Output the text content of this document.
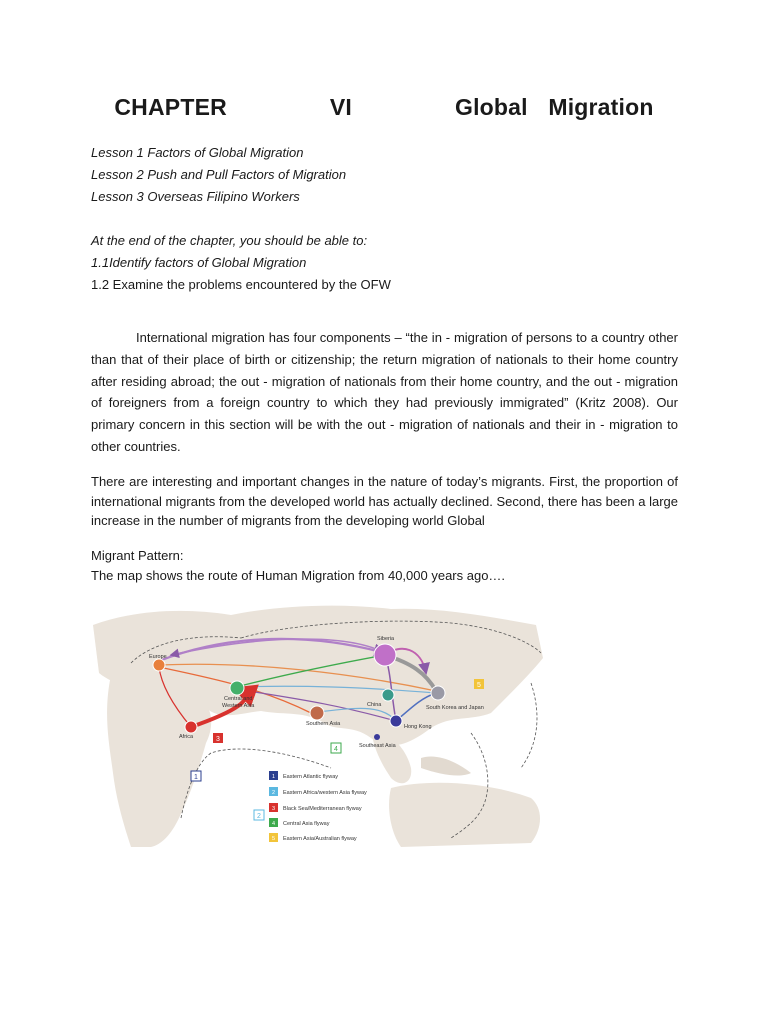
CHAPTER     VI     Global Migration
Lesson 1 Factors of Global Migration
Lesson 2 Push and Pull Factors of Migration
Lesson 3 Overseas Filipino Workers
At the end of the chapter, you should be able to:
1.1Identify factors of Global Migration
1.2 Examine the problems encountered by the OFW

International migration has four components – “the in - migration of persons to a country other than that of their place of birth or citizenship; the return migration of nationals to their home country after residing abroad; the out - migration of nationals from their home country, and the out - migration of foreigners from a foreign country to which they had previously immigrated” (Kritz 2008). Our primary concern in this section will be with the out - migration of nationals and their in - migration to other countries.

There are interesting and important changes in the nature of today’s migrants. First, the proportion of international migrants from the developed world has actually declined. Second, there has been a large increase in the number of migrants from the developing world Global

Migrant Pattern:
The map shows the route of Human Migration from 40,000 years ago….
Europe
Siberia
Central and
Western Asia	China	South Korea and Japan
Africa
Southern Asia	Hong Kong
Southeast Asia
1
2
3
4
5
1 Eastern Atlantic flyway
2 Eastern Africa/western Asia flyway
3 Black Sea/Mediterranean flyway
4 Central Asia flyway
5 Eastern Asia/Australian flyway
